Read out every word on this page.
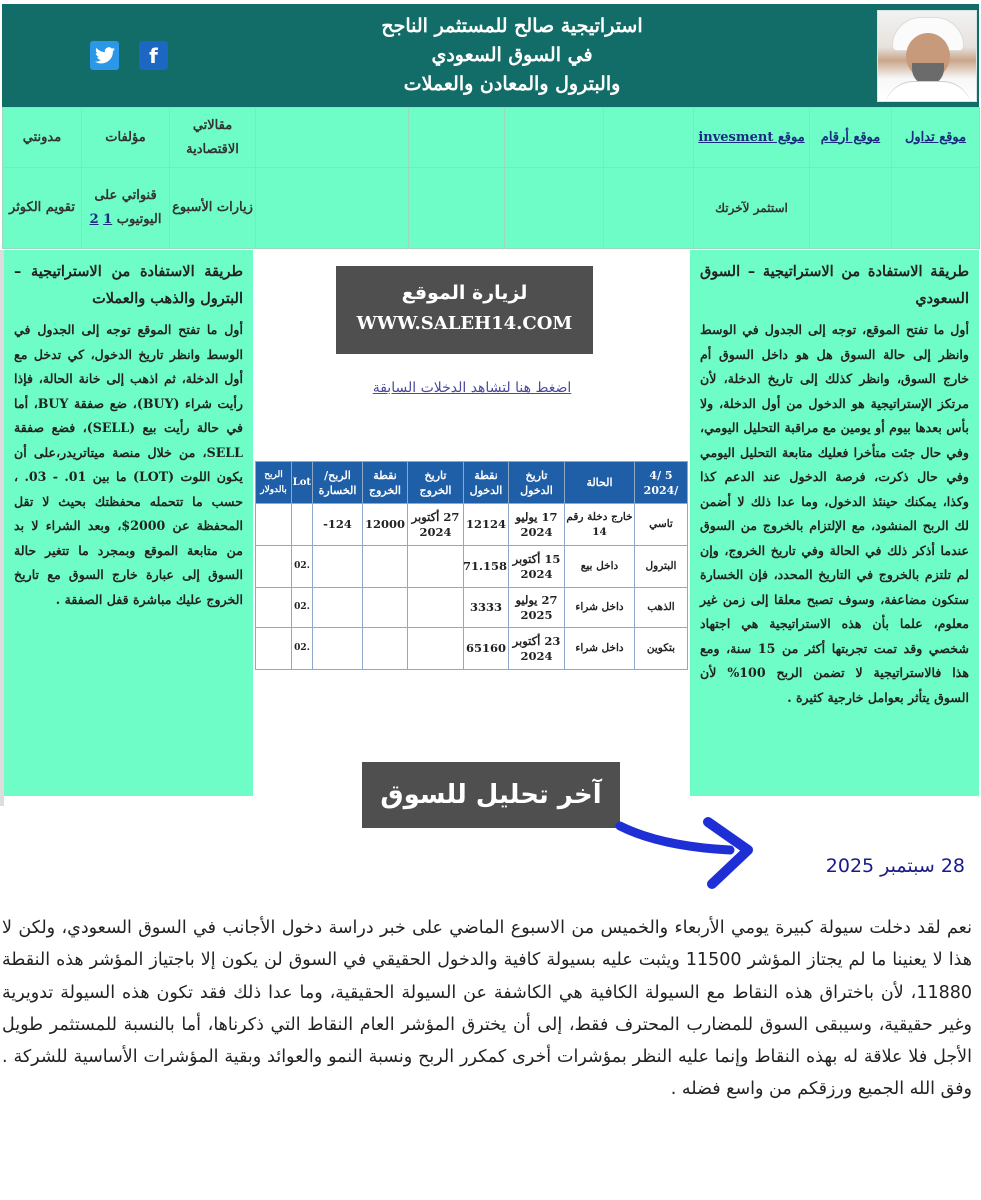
استراتيجية صالح للمستثمر الناجح
في السوق السعودي
والبترول والمعادن والعملات
f
موقع تداول	موقع أرقام	موقع invesment					مقالاتي الاقتصادية	مؤلفات	مدونتي
		استثمر لآخرتك					زيارات الأسبوع	قنواتي على اليوتيوب 1 2	تقويم الكوثر
طريقة الاستفادة من الاستراتيجية – السوق السعودي

أول ما تفتح الموقع، توجه إلى الجدول في الوسط وانظر إلى حالة السوق هل هو داخل السوق أم خارج السوق، وانظر كذلك إلى تاريخ الدخلة، لأن مرتكز الإستراتيجية هو الدخول من أول الدخلة، ولا بأس بعدها بيوم أو يومين مع مراقبة التحليل اليومي، وفي حال جئت متأخرا فعليك متابعة التحليل اليومي وفي حال ذكرت، فرصة الدخول عند الدعم كذا وكذا، يمكنك حينئذ الدخول، وما عدا ذلك لا أضمن لك الربح المنشود، مع الإلتزام بالخروج من السوق عندما أذكر ذلك في الحالة وفي تاريخ الخروج، وإن لم تلتزم بالخروج في التاريخ المحدد، فإن الخسارة ستكون مضاعفة، وسوف تصبح معلقا إلى زمن غير معلوم، علما بأن هذه الاستراتيجية هي اجتهاد شخصي وقد تمت تجربتها أكثر من 15 سنة، ومع هذا فالاستراتيجية لا تضمن الربح 100% لأن السوق يتأثر بعوامل خارجية كثيرة .

طريقة الاستفادة من الاستراتيجية – البترول والذهب والعملات

أول ما تفتح الموقع توجه إلى الجدول في الوسط وانظر تاريخ الدخول، كي تدخل مع أول الدخلة، ثم اذهب إلى خانة الحالة، فإذا رأيت شراء (BUY)، ضع صفقة BUY، أما في حالة رأيت بيع (SELL)، فضع صفقة SELL، من خلال منصة ميتاتريدر،على أن يكون اللوت (LOT) ما بين 01. - 03. ، حسب ما تتحمله محفظتك بحيث لا تقل المحفظة عن 2000$، وبعد الشراء لا بد من متابعة الموقع وبمجرد ما تتغير حالة السوق إلى عبارة خارج السوق مع تاريخ الخروج عليك مباشرة قفل الصفقة .

لزيارة الموقع
WWW.SALEH14.COM
اضغط هنا لتشاهد الدخلات السابقة
5 /4 /2024	الحالة	تاريخ الدخول	نقطة الدخول	تاريخ الخروج	نقطة الخروج	الربح/ الخسارة	Lot	الربح بالدولار
تاسي	خارج دخلة رقم 14	17 يوليو 2024	12124	27 أكتوبر 2024	12000	-124		
البترول	داخل بيع	15 أكتوبر 2024	71.158				.02	
الذهب	داخل شراء	27 يوليو 2025	3333				.02	
بتكوين	داخل شراء	23 أكتوبر 2024	65160				.02	
آخر تحليل للسوق
28 سبتمبر 2025
نعم لقد دخلت سيولة كبيرة يومي الأربعاء والخميس من الاسبوع الماضي على خبر دراسة دخول الأجانب في السوق السعودي، ولكن لا هذا لا يعنينا ما لم يجتاز المؤشر 11500 ويثبت عليه بسيولة كافية والدخول الحقيقي في السوق لن يكون إلا باجتياز المؤشر هذه النقطة 11880، لأن باختراق هذه النقاط مع السيولة الكافية هي الكاشفة عن السيولة الحقيقية، وما عدا ذلك فقد تكون هذه السيولة تدويرية وغير حقيقية، وسيبقى السوق للمضارب المحترف فقط، إلى أن يخترق المؤشر العام النقاط التي ذكرناها، أما بالنسبة للمستثمر طويل الأجل فلا علاقة له بهذه النقاط وإنما عليه النظر بمؤشرات أخرى كمكرر الربح ونسبة النمو والعوائد وبقية المؤشرات الأساسية للشركة . وفق الله الجميع ورزقكم من واسع فضله .
